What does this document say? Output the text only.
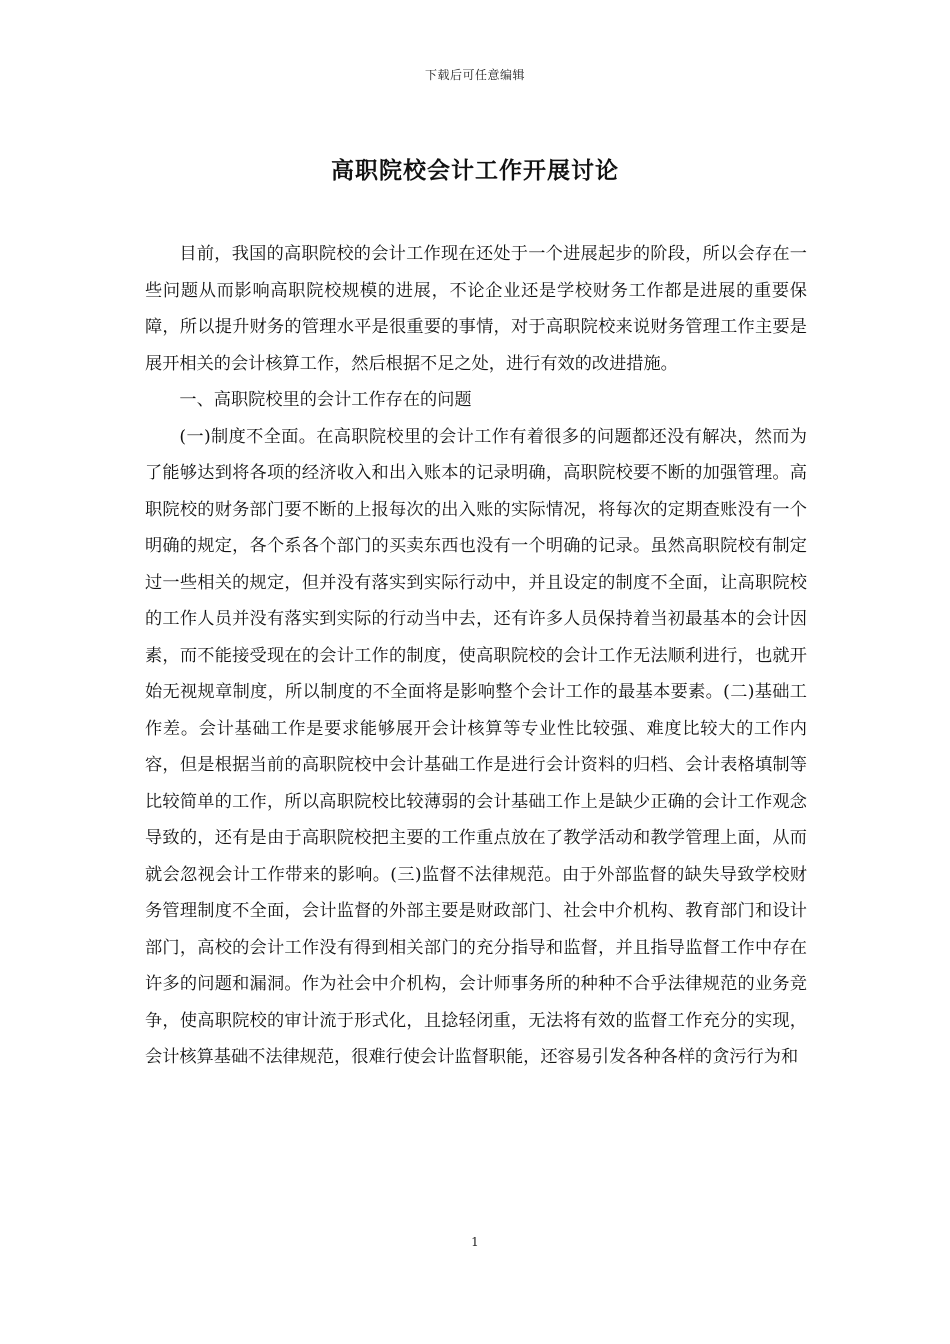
下载后可任意编辑
高职院校会计工作开展讨论

目前，我国的高职院校的会计工作现在还处于一个进展起步的阶段，所以会存在一些问题从而影响高职院校规模的进展，不论企业还是学校财务工作都是进展的重要保障，所以提升财务的管理水平是很重要的事情，对于高职院校来说财务管理工作主要是展开相关的会计核算工作，然后根据不足之处，进行有效的改进措施。

一、高职院校里的会计工作存在的问题

(一)制度不全面。在高职院校里的会计工作有着很多的问题都还没有解决，然而为了能够达到将各项的经济收入和出入账本的记录明确，高职院校要不断的加强管理。高职院校的财务部门要不断的上报每次的出入账的实际情况，将每次的定期查账没有一个明确的规定，各个系各个部门的买卖东西也没有一个明确的记录。虽然高职院校有制定过一些相关的规定，但并没有落实到实际行动中，并且设定的制度不全面，让高职院校的工作人员并没有落实到实际的行动当中去，还有许多人员保持着当初最基本的会计因素，而不能接受现在的会计工作的制度，使高职院校的会计工作无法顺利进行，也就开始无视规章制度，所以制度的不全面将是影响整个会计工作的最基本要素。(二)基础工作差。会计基础工作是要求能够展开会计核算等专业性比较强、难度比较大的工作内容，但是根据当前的高职院校中会计基础工作是进行会计资料的归档、会计表格填制等比较简单的工作，所以高职院校比较薄弱的会计基础工作上是缺少正确的会计工作观念导致的，还有是由于高职院校把主要的工作重点放在了教学活动和教学管理上面，从而就会忽视会计工作带来的影响。(三)监督不法律规范。由于外部监督的缺失导致学校财务管理制度不全面，会计监督的外部主要是财政部门、社会中介机构、教育部门和设计部门，高校的会计工作没有得到相关部门的充分指导和监督，并且指导监督工作中存在许多的问题和漏洞。作为社会中介机构，会计师事务所的种种不合乎法律规范的业务竞争，使高职院校的审计流于形式化，且捻轻闭重，无法将有效的监督工作充分的实现，会计核算基础不法律规范，很难行使会计监督职能，还容易引发各种各样的贪污行为和

1
